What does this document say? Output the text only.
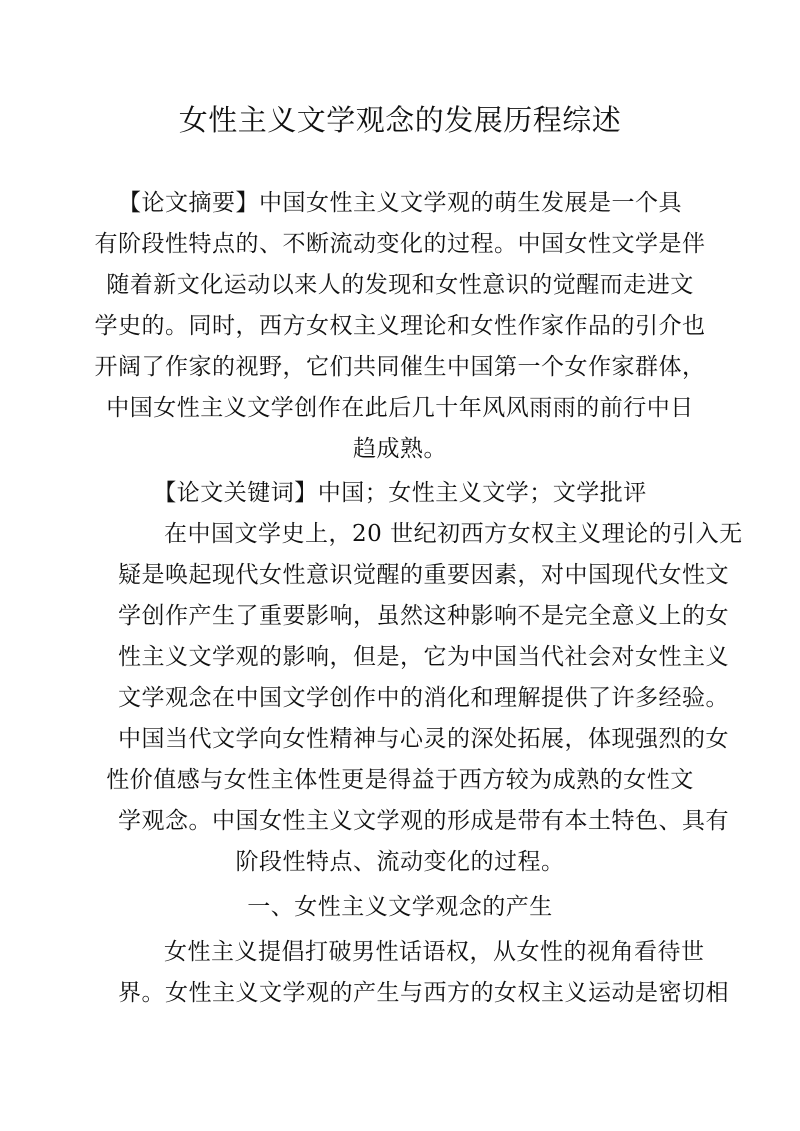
女性主义文学观念的发展历程综述
【论文摘要】中国女性主义文学观的萌生发展是一个具
有阶段性特点的、不断流动变化的过程。中国女性文学是伴
随着新文化运动以来人的发现和女性意识的觉醒而走进文
学史的。同时，西方女权主义理论和女性作家作品的引介也
开阔了作家的视野，它们共同催生中国第一个女作家群体，
中国女性主义文学创作在此后几十年风风雨雨的前行中日
趋成熟。
【论文关键词】中国；女性主义文学；文学批评
在中国文学史上，20 世纪初西方女权主义理论的引入无
疑是唤起现代女性意识觉醒的重要因素，对中国现代女性文
学创作产生了重要影响，虽然这种影响不是完全意义上的女
性主义文学观的影响，但是，它为中国当代社会对女性主义
文学观念在中国文学创作中的消化和理解提供了许多经验。
中国当代文学向女性精神与心灵的深处拓展，体现强烈的女
性价值感与女性主体性更是得益于西方较为成熟的女性文
学观念。中国女性主义文学观的形成是带有本土特色、具有
阶段性特点、流动变化的过程。
一、女性主义文学观念的产生
女性主义提倡打破男性话语权，从女性的视角看待世
界。女性主义文学观的产生与西方的女权主义运动是密切相
